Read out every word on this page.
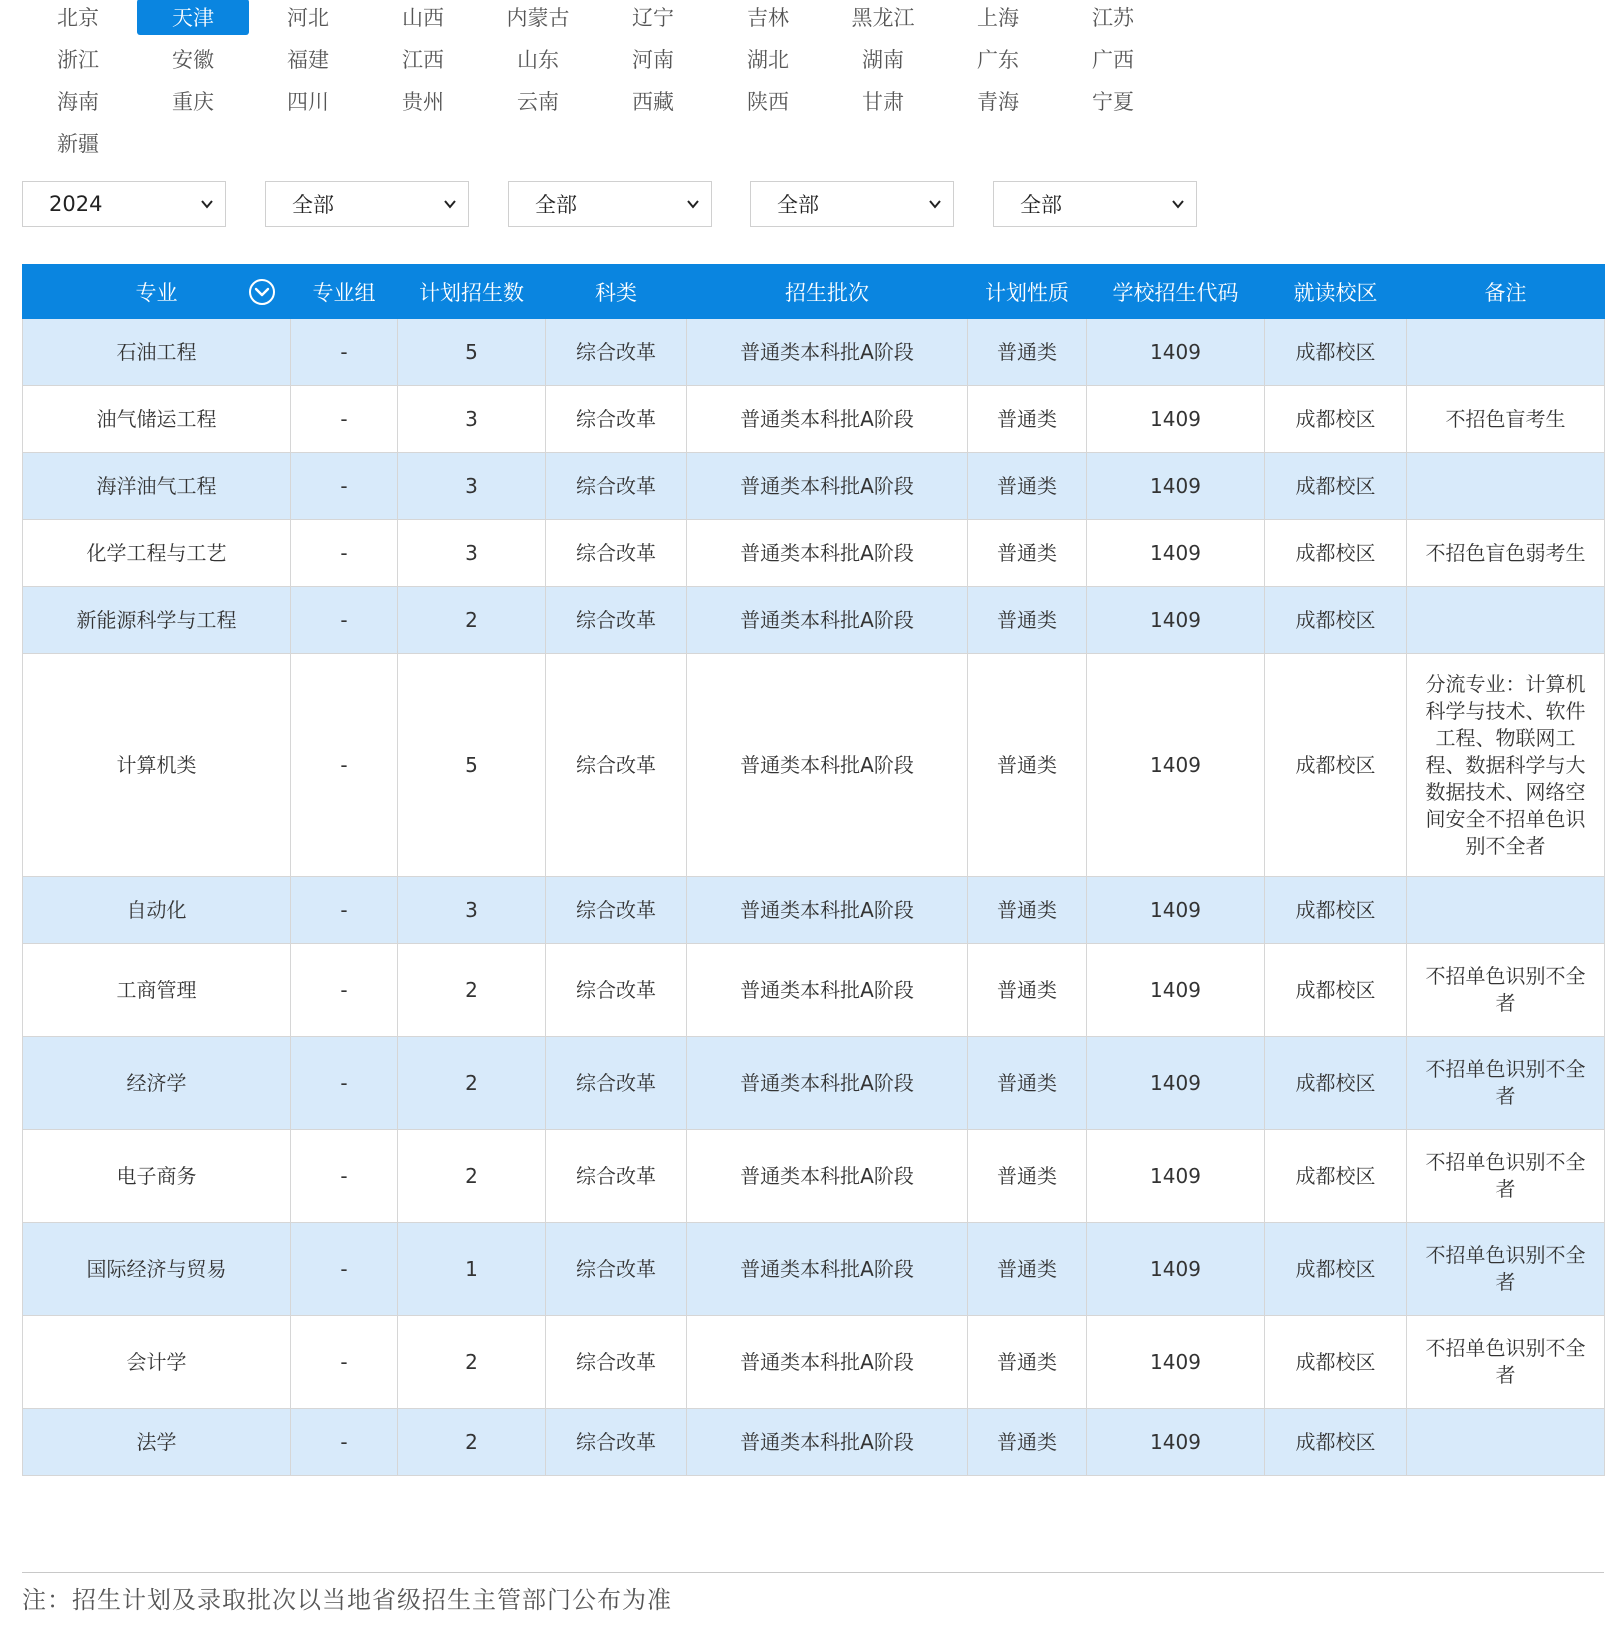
北京	天津	河北	山西	内蒙古	辽宁	吉林	黑龙江	上海	江苏
浙江	安徽	福建	江西	山东	河南	湖北	湖南	广东	广西
海南	重庆	四川	贵州	云南	西藏	陕西	甘肃	青海	宁夏
新疆
2024	全部	全部	全部	全部
专业	专业组	计划招生数	科类	招生批次	计划性质	学校招生代码	就读校区	备注
石油工程	-	5	综合改革	普通类本科批A阶段	普通类	1409	成都校区	
油气储运工程	-	3	综合改革	普通类本科批A阶段	普通类	1409	成都校区	不招色盲考生
海洋油气工程	-	3	综合改革	普通类本科批A阶段	普通类	1409	成都校区	
化学工程与工艺	-	3	综合改革	普通类本科批A阶段	普通类	1409	成都校区	不招色盲色弱考生
新能源科学与工程	-	2	综合改革	普通类本科批A阶段	普通类	1409	成都校区	
计算机类	-	5	综合改革	普通类本科批A阶段	普通类	1409	成都校区	分流专业：计算机科学与技术、软件工程、物联网工程、数据科学与大数据技术、网络空间安全不招单色识别不全者
自动化	-	3	综合改革	普通类本科批A阶段	普通类	1409	成都校区	
工商管理	-	2	综合改革	普通类本科批A阶段	普通类	1409	成都校区	不招单色识别不全者
经济学	-	2	综合改革	普通类本科批A阶段	普通类	1409	成都校区	不招单色识别不全者
电子商务	-	2	综合改革	普通类本科批A阶段	普通类	1409	成都校区	不招单色识别不全者
国际经济与贸易	-	1	综合改革	普通类本科批A阶段	普通类	1409	成都校区	不招单色识别不全者
会计学	-	2	综合改革	普通类本科批A阶段	普通类	1409	成都校区	不招单色识别不全者
法学	-	2	综合改革	普通类本科批A阶段	普通类	1409	成都校区	
注：招生计划及录取批次以当地省级招生主管部门公布为准
